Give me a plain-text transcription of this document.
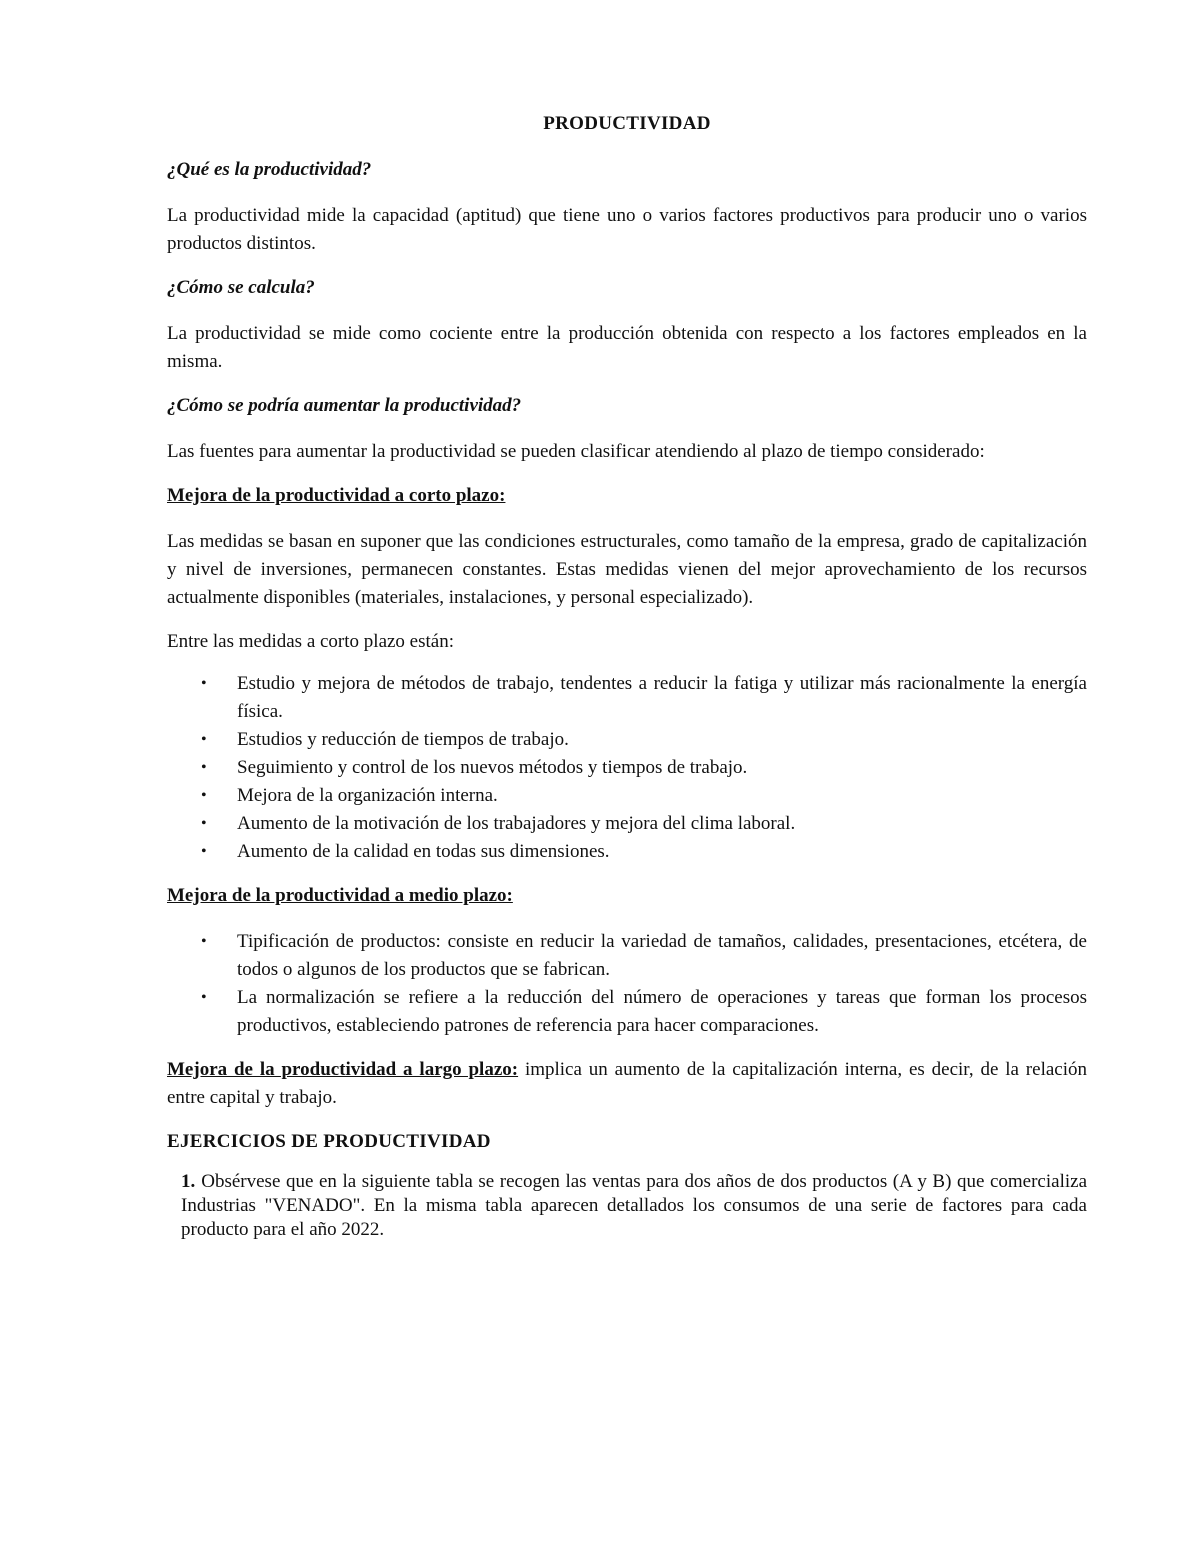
PRODUCTIVIDAD
¿Qué es la productividad?

La productividad mide la capacidad (aptitud) que tiene uno o varios factores productivos para producir uno o varios productos distintos.

¿Cómo se calcula?

La productividad se mide como cociente entre la producción obtenida con respecto a los factores empleados en la misma.

¿Cómo se podría aumentar la productividad?

Las fuentes para aumentar la productividad se pueden clasificar atendiendo al plazo de tiempo considerado:

Mejora de la productividad a corto plazo:

Las medidas se basan en suponer que las condiciones estructurales, como tamaño de la empresa, grado de capitalización y nivel de inversiones, permanecen constantes. Estas medidas vienen del mejor aprovechamiento de los recursos actualmente disponibles (materiales, instalaciones, y personal especializado).

Entre las medidas a corto plazo están:

• Estudio y mejora de métodos de trabajo, tendentes a reducir la fatiga y utilizar más racionalmente la energía física.
• Estudios y reducción de tiempos de trabajo.
• Seguimiento y control de los nuevos métodos y tiempos de trabajo.
• Mejora de la organización interna.
• Aumento de la motivación de los trabajadores y mejora del clima laboral.
• Aumento de la calidad en todas sus dimensiones.
Mejora de la productividad a medio plazo:
• Tipificación de productos: consiste en reducir la variedad de tamaños, calidades, presentaciones, etcétera, de todos o algunos de los productos que se fabrican.
• La normalización se refiere a la reducción del número de operaciones y tareas que forman los procesos productivos, estableciendo patrones de referencia para hacer comparaciones.

Mejora de la productividad a largo plazo: implica un aumento de la capitalización interna, es decir, de la relación entre capital y trabajo.

EJERCICIOS DE PRODUCTIVIDAD
1. Obsérvese que en la siguiente tabla se recogen las ventas para dos años de dos productos (A y B) que comercializa Industrias "VENADO". En la misma tabla aparecen detallados los consumos de una serie de factores para cada producto para el año 2022.
